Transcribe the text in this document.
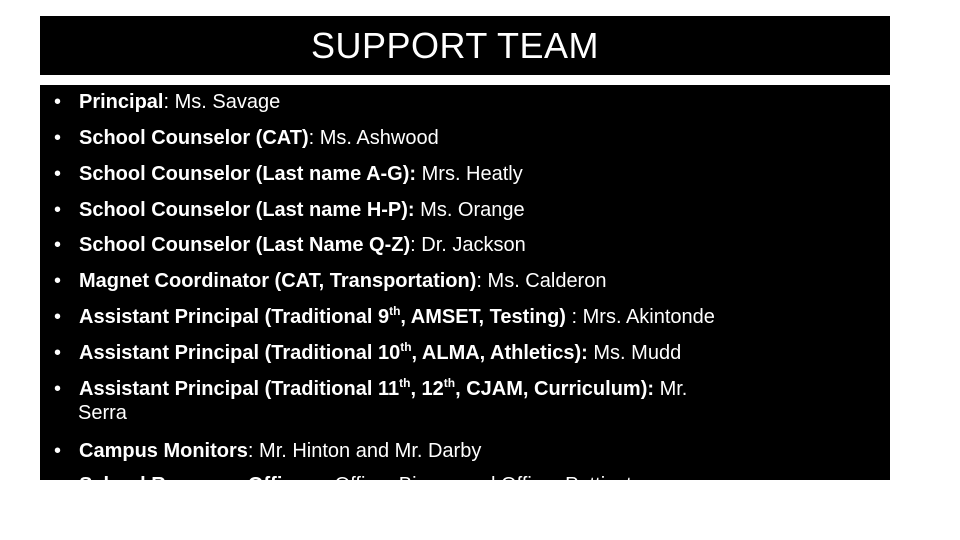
SUPPORT TEAM
• Principal: Ms. Savage
• School Counselor (CAT): Ms. Ashwood
• School Counselor (Last name A-G): Mrs. Heatly
• School Counselor (Last name H-P): Ms. Orange
• School Counselor (Last Name Q-Z): Dr. Jackson
• Magnet Coordinator (CAT, Transportation): Ms. Calderon
• Assistant Principal (Traditional 9th, AMSET, Testing) : Mrs. Akintonde
• Assistant Principal (Traditional 10th, ALMA, Athletics): Ms. Mudd
• Assistant Principal (Traditional 11th, 12th, CJAM, Curriculum): Mr.
Serra
• Campus Monitors: Mr. Hinton and Mr. Darby
• School Resource Officers: Officer Bigger and Officer Pettiest
